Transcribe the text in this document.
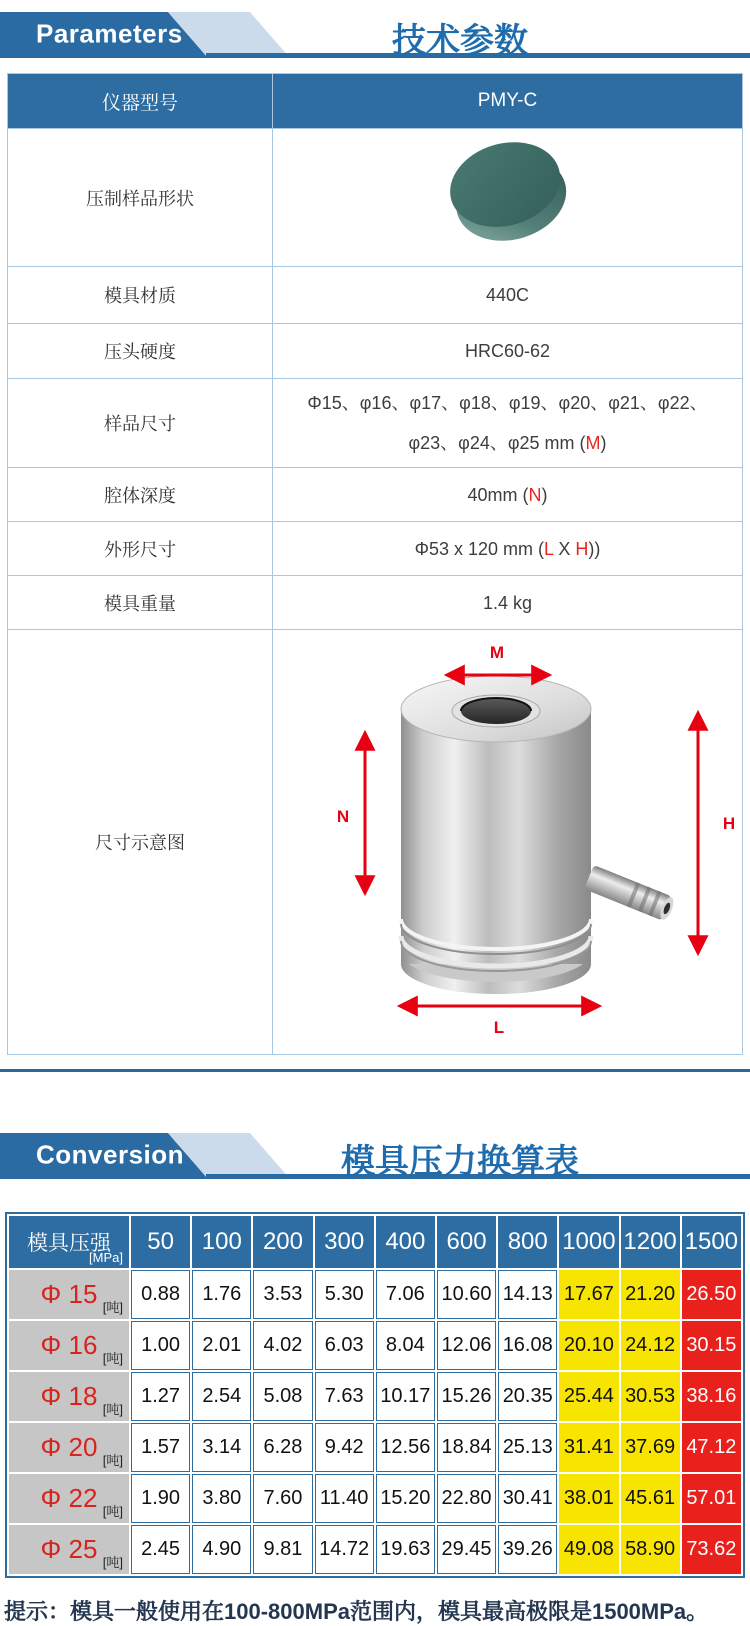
Parameters	技术参数
仪器型号	PMY-C
压制样品形状	
模具材质	440C
压头硬度	HRC60-62
样品尺寸	Φ15、φ16、φ17、φ18、φ19、φ20、φ21、φ22、φ23、φ24、φ25 mm (M)
腔体深度	40mm (N)
外形尺寸	Φ53 x 120 mm (L X H))
模具重量	1.4 kg
尺寸示意图	M
N H
L
Conversion	模具压力换算表
模具压强
[MPa]	50	100	200	300	400	600	800	1000	1200	1500
Φ 15 [吨]	0.88	1.76	3.53	5.30	7.06	10.60	14.13	17.67	21.20	26.50
Φ 16 [吨]	1.00	2.01	4.02	6.03	8.04	12.06	16.08	20.10	24.12	30.15
Φ 18 [吨]	1.27	2.54	5.08	7.63	10.17	15.26	20.35	25.44	30.53	38.16
Φ 20 [吨]	1.57	3.14	6.28	9.42	12.56	18.84	25.13	31.41	37.69	47.12
Φ 22 [吨]	1.90	3.80	7.60	11.40	15.20	22.80	30.41	38.01	45.61	57.01
Φ 25 [吨]	2.45	4.90	9.81	14.72	19.63	29.45	39.26	49.08	58.90	73.62

提示：模具一般使用在100-800MPa范围内，模具最高极限是1500MPa。
